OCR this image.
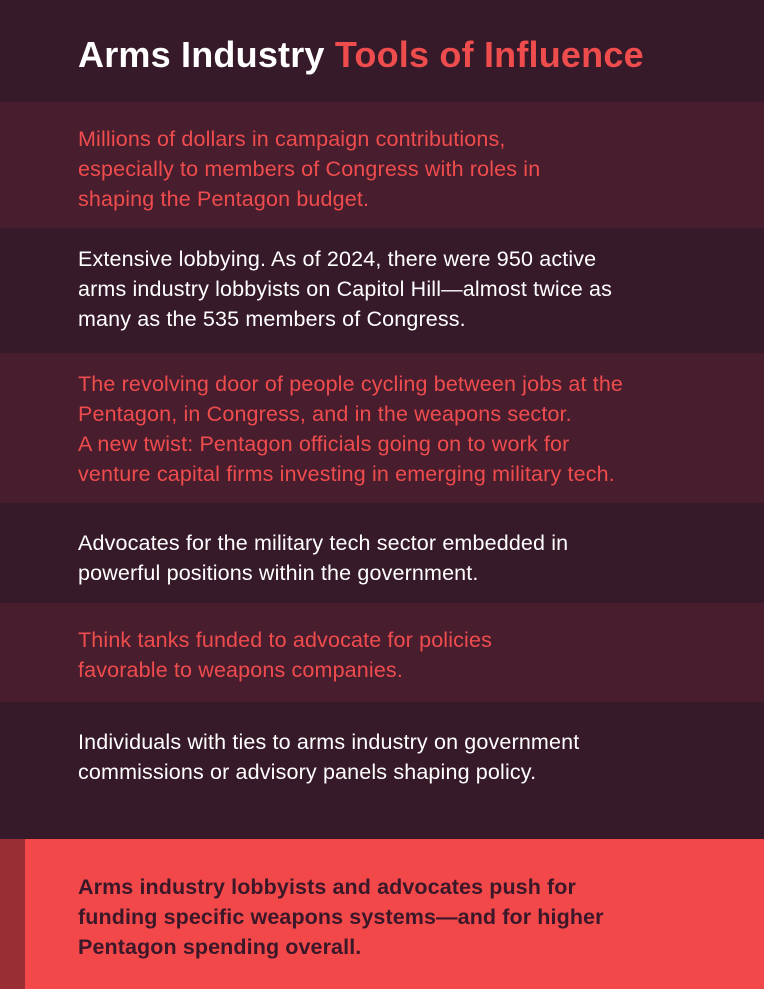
Arms Industry Tools of Influence

Millions of dollars in campaign contributions,
especially to members of Congress with roles in
shaping the Pentagon budget.

Extensive lobbying. As of 2024, there were 950 active
arms industry lobbyists on Capitol Hill—almost twice as
many as the 535 members of Congress.

The revolving door of people cycling between jobs at the
Pentagon, in Congress, and in the weapons sector.
A new twist: Pentagon officials going on to work for
venture capital firms investing in emerging military tech.

Advocates for the military tech sector embedded in
powerful positions within the government.

Think tanks funded to advocate for policies
favorable to weapons companies.

Individuals with ties to arms industry on government
commissions or advisory panels shaping policy.

Arms industry lobbyists and advocates push for
funding specific weapons systems—and for higher
Pentagon spending overall.
